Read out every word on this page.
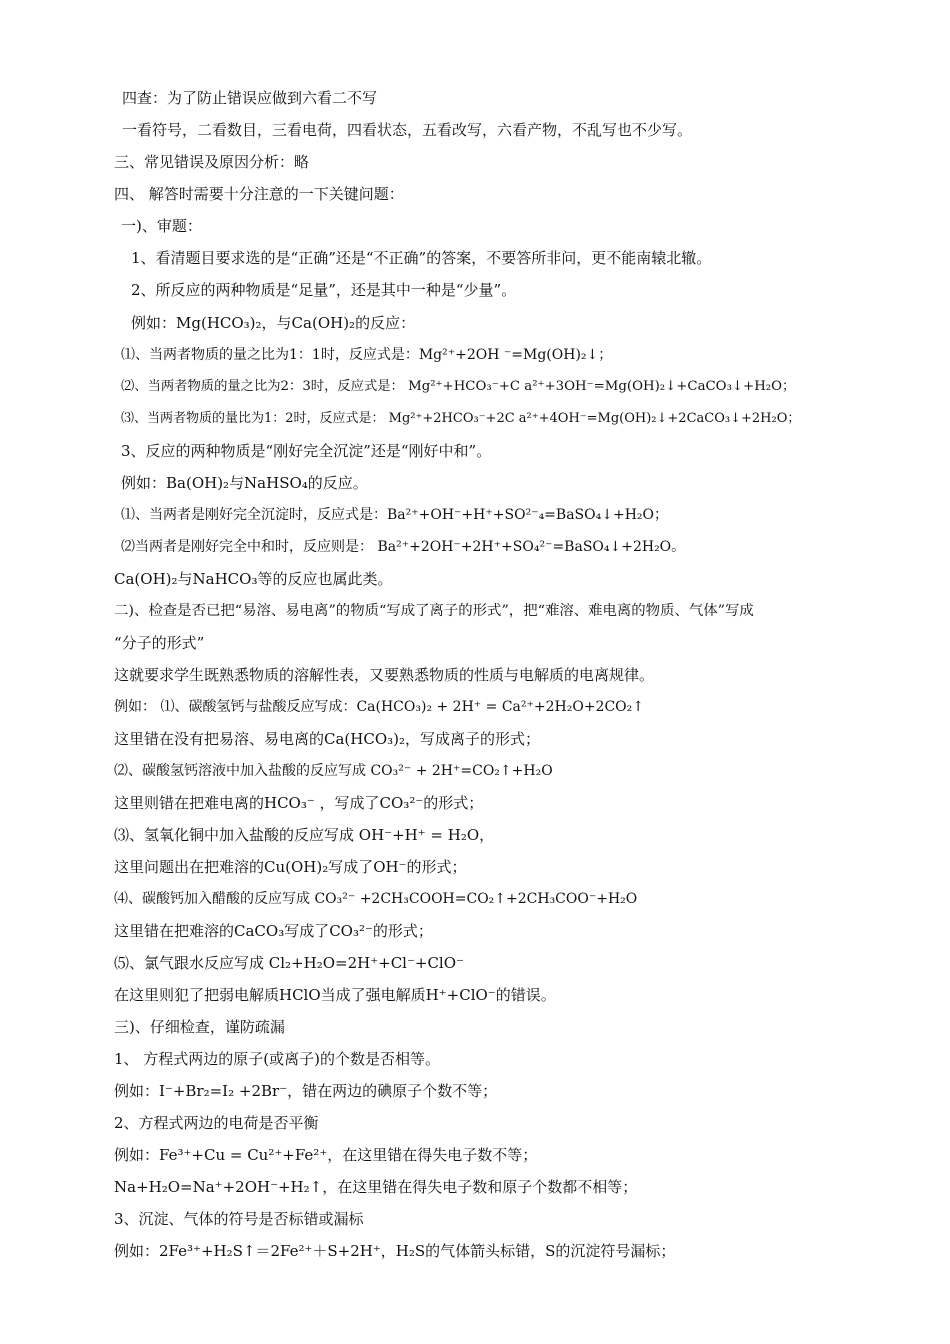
四查：为了防止错误应做到六看二不写
一看符号，二看数目，三看电荷，四看状态，五看改写，六看产物，不乱写也不少写。
三、常见错误及原因分析：略
四、 解答时需要十分注意的一下关键问题：
一)、审题：
1、看清题目要求选的是“正确”还是“不正确”的答案，不要答所非问，更不能南辕北辙。
2、所反应的两种物质是“足量”，还是其中一种是“少量”。
例如：Mg(HCO₃)₂，与Ca(OH)₂的反应：
⑴、当两者物质的量之比为1：1时，反应式是：Mg²⁺+2OH ⁻=Mg(OH)₂↓；
⑵、当两者物质的量之比为2：3时，反应式是： Mg²⁺+HCO₃⁻+C a²⁺+3OH⁻=Mg(OH)₂↓+CaCO₃↓+H₂O；
⑶、当两者物质的量比为1：2时，反应式是： Mg²⁺+2HCO₃⁻+2C a²⁺+4OH⁻=Mg(OH)₂↓+2CaCO₃↓+2H₂O；
3、反应的两种物质是“刚好完全沉淀”还是“刚好中和”。
例如：Ba(OH)₂与NaHSO₄的反应。
⑴、当两者是刚好完全沉淀时，反应式是：Ba²⁺+OH⁻+H⁺+SO²⁻₄=BaSO₄↓+H₂O；
⑵当两者是刚好完全中和时，反应则是： Ba²⁺+2OH⁻+2H⁺+SO₄²⁻=BaSO₄↓+2H₂O。
Ca(OH)₂与NaHCO₃等的反应也属此类。
二)、检查是否已把“易溶、易电离”的物质“写成了离子的形式”，把“难溶、难电离的物质、气体”写成
“分子的形式”
这就要求学生既熟悉物质的溶解性表，又要熟悉物质的性质与电解质的电离规律。
例如： ⑴、碳酸氢钙与盐酸反应写成：Ca(HCO₃)₂ + 2H⁺ = Ca²⁺+2H₂O+2CO₂↑
这里错在没有把易溶、易电离的Ca(HCO₃)₂，写成离子的形式；
⑵、碳酸氢钙溶液中加入盐酸的反应写成 CO₃²⁻ + 2H⁺=CO₂↑+H₂O
这里则错在把难电离的HCO₃⁻ ，写成了CO₃²⁻的形式；
⑶、氢氧化铜中加入盐酸的反应写成 OH⁻+H⁺ = H₂O，
这里问题出在把难溶的Cu(OH)₂写成了OH⁻的形式；
⑷、碳酸钙加入醋酸的反应写成 CO₃²⁻ +2CH₃COOH=CO₂↑+2CH₃COO⁻+H₂O
这里错在把难溶的CaCO₃写成了CO₃²⁻的形式；
⑸、氯气跟水反应写成 Cl₂+H₂O=2H⁺+Cl⁻+ClO⁻
在这里则犯了把弱电解质HClO当成了强电解质H⁺+ClO⁻的错误。
三)、仔细检查，谨防疏漏
1、 方程式两边的原子(或离子)的个数是否相等。
例如：I⁻+Br₂=I₂ +2Br⁻，错在两边的碘原子个数不等；
2、方程式两边的电荷是否平衡
例如：Fe³⁺+Cu = Cu²⁺+Fe²⁺，在这里错在得失电子数不等；
Na+H₂O=Na⁺+2OH⁻+H₂↑，在这里错在得失电子数和原子个数都不相等；
3、沉淀、气体的符号是否标错或漏标
例如：2Fe³⁺+H₂S↑＝2Fe²⁺＋S+2H⁺，H₂S的气体箭头标错，S的沉淀符号漏标；
